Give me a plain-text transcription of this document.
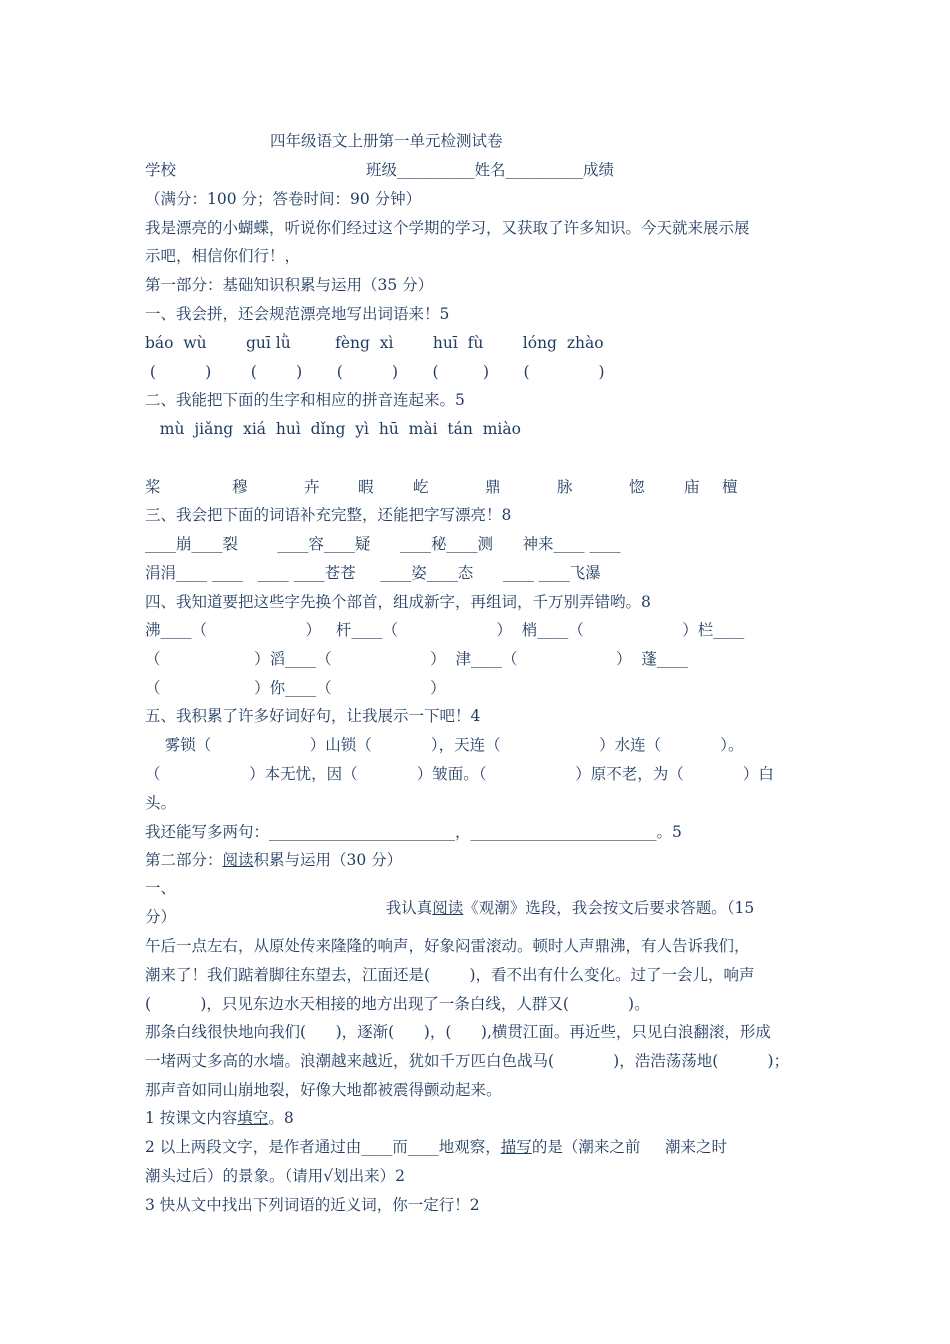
四年级语文上册第一单元检测试卷
学校	班级__________姓名__________成绩
（满分：100 分；答卷时间：90 分钟）
我是漂亮的小蝴蝶，听说你们经过这个学期的学习，又获取了许多知识。今天就来展示展
示吧，相信你们行！，
第一部分：基础知识积累与运用（35 分）
一、我会拼，还会规范漂亮地写出词语来！5
báo  wù        guī lǜ         fèng  xì        huī  fù        lóng  zhào
(          )        (        )       (          )       (         )       (              )
二、我能把下面的生字和相应的拼音连起来。5
mù  jiǎng  xiá  huì  dǐng  yì  hū  mài  tán  miào
桨	穆	卉 暇	屹	鼎	脉	惚	庙 檀
三、我会把下面的词语补充完整，还能把字写漂亮！8
____崩____裂        ____容____疑      ____秘____测      神来____ ____
涓涓____ ____   ____ ____苍苍     ____姿____态      ____ ____飞瀑
四、我知道要把这些字先换个部首，组成新字，再组词，千万别弄错哟。8
沸____（                    ）   杆____（                    ）  梢____（                    ）栏____
（                   ）滔____（                    ）  津____（                    ）  蓬____
（                   ）你____（                    ）
五、我积累了许多好词好句，让我展示一下吧！4
雾锁（                    ）山锁（            ），天连（                    ）水连（            ）。
（                  ）本无忧，因（            ）皱面。（                  ）原不老，为（            ）白
头。
我还能写多两句：________________________，________________________。5
第二部分：阅读积累与运用（30 分）
一、

我认真阅读《观潮》选段，我会按文后要求答题。（15

分）
午后一点左右，从原处传来隆隆的响声，好象闷雷滚动。顿时人声鼎沸，有人告诉我们，
潮来了！我们踮着脚往东望去，江面还是(        )，看不出有什么变化。过了一会儿，响声
(          )，只见东边水天相接的地方出现了一条白线，人群又(            )。
那条白线很快地向我们(      )，逐渐(      )，(      ),横贯江面。再近些，只见白浪翻滚，形成
一堵两丈多高的水墙。浪潮越来越近，犹如千万匹白色战马(            )，浩浩荡荡地(          )；
那声音如同山崩地裂，好像大地都被震得颤动起来。
1 按课文内容填空。8
2 以上两段文字，是作者通过由____而____地观察，描写的是（潮来之前     潮来之时
潮头过后）的景象。（请用√划出来）2
3 快从文中找出下列词语的近义词，你一定行！2
